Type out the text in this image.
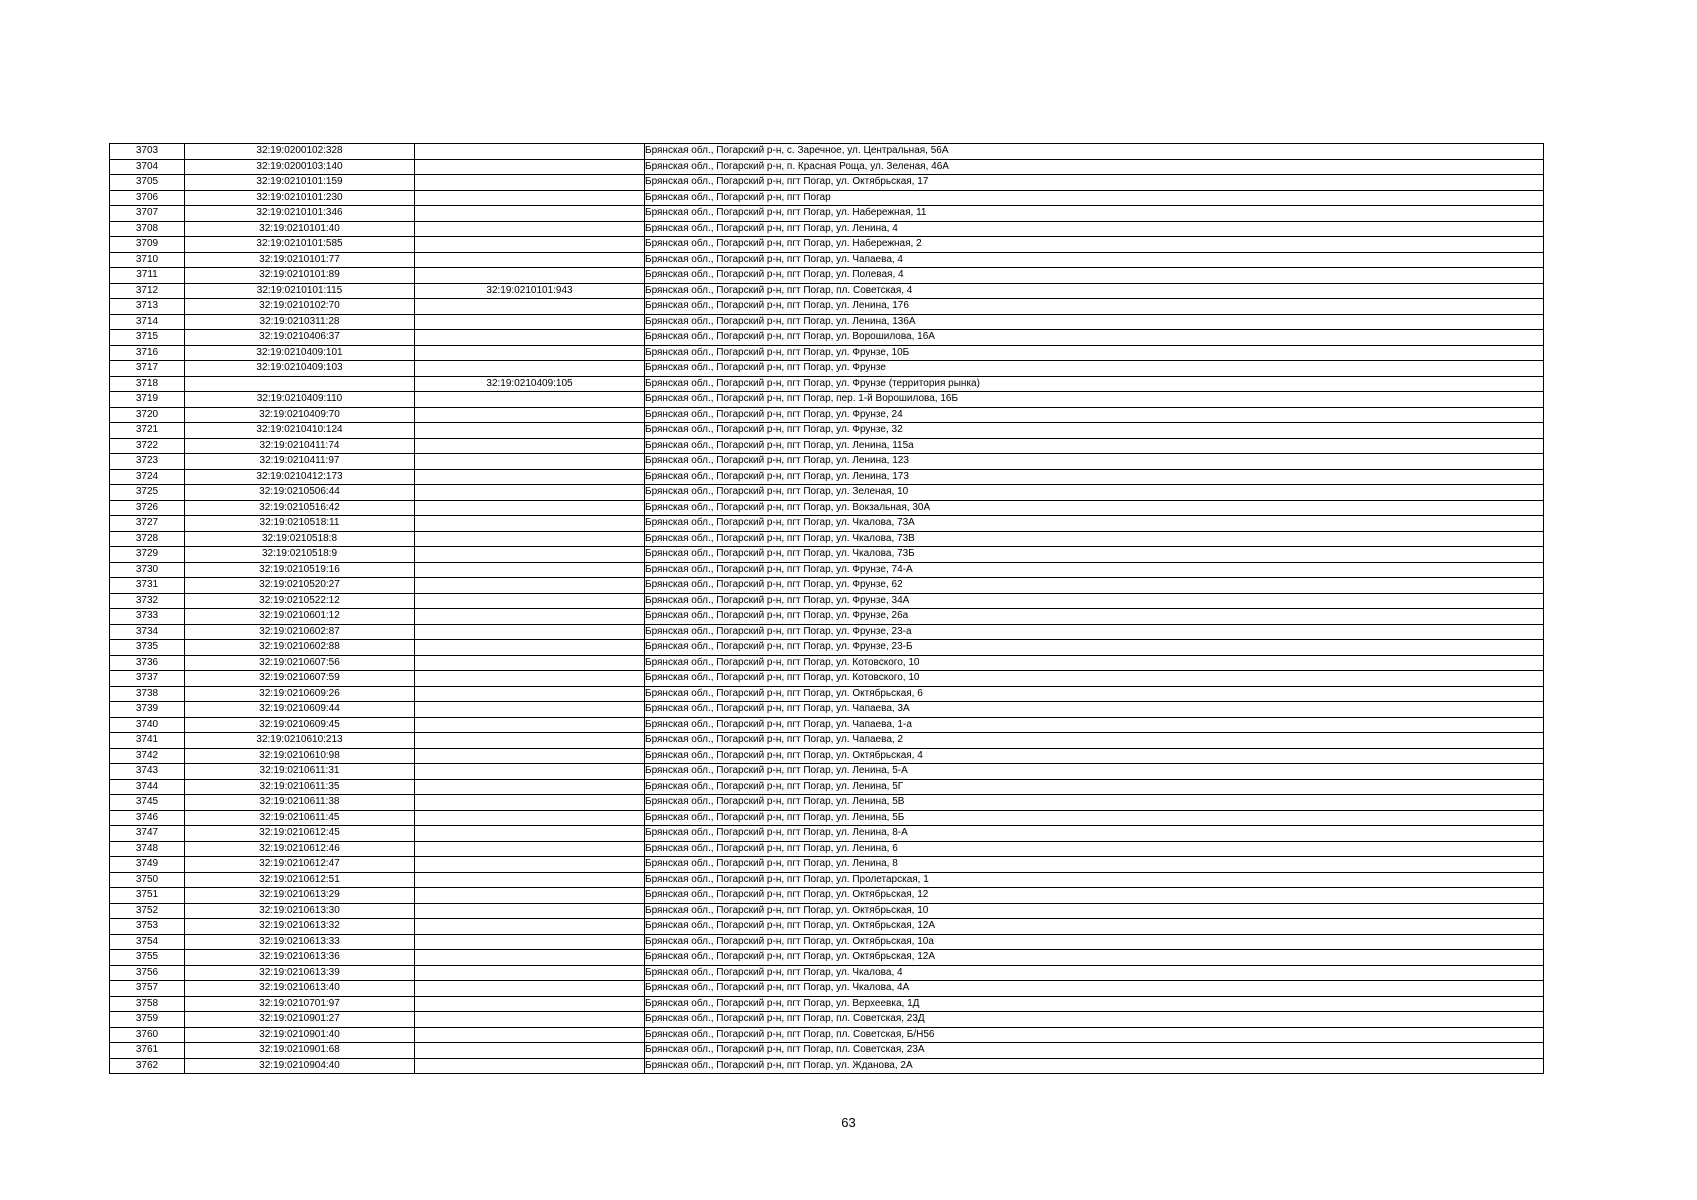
3703	32:19:0200102:328		Брянская обл., Погарский р-н, с. Заречное, ул. Центральная, 56А
3704	32:19:0200103:140		Брянская обл., Погарский р-н, п. Красная Роща, ул. Зеленая, 46А
3705	32:19:0210101:159		Брянская обл., Погарский р-н, пгт Погар, ул. Октябрьская, 17
3706	32:19:0210101:230		Брянская обл., Погарский р-н, пгт Погар
3707	32:19:0210101:346		Брянская обл., Погарский р-н, пгт Погар, ул. Набережная, 11
3708	32:19:0210101:40		Брянская обл., Погарский р-н, пгт Погар, ул. Ленина, 4
3709	32:19:0210101:585		Брянская обл., Погарский р-н, пгт Погар, ул. Набережная, 2
3710	32:19:0210101:77		Брянская обл., Погарский р-н, пгт Погар, ул. Чапаева, 4
3711	32:19:0210101:89		Брянская обл., Погарский р-н, пгт Погар, ул. Полевая, 4
3712	32:19:0210101:115	32:19:0210101:943	Брянская обл., Погарский р-н, пгт Погар, пл. Советская, 4
3713	32:19:0210102:70		Брянская обл., Погарский р-н, пгт Погар, ул. Ленина, 176
3714	32:19:0210311:28		Брянская обл., Погарский р-н, пгт Погар, ул. Ленина, 136А
3715	32:19:0210406:37		Брянская обл., Погарский р-н, пгт Погар, ул. Ворошилова, 16А
3716	32:19:0210409:101		Брянская обл., Погарский р-н, пгт Погар, ул. Фрунзе, 10Б
3717	32:19:0210409:103		Брянская обл., Погарский р-н, пгт Погар, ул. Фрунзе
3718		32:19:0210409:105	Брянская обл., Погарский р-н, пгт Погар, ул. Фрунзе (территория рынка)
3719	32:19:0210409:110		Брянская обл., Погарский р-н, пгт Погар, пер. 1-й Ворошилова, 16Б
3720	32:19:0210409:70		Брянская обл., Погарский р-н, пгт Погар, ул. Фрунзе, 24
3721	32:19:0210410:124		Брянская обл., Погарский р-н, пгт Погар, ул. Фрунзе, 32
3722	32:19:0210411:74		Брянская обл., Погарский р-н, пгт Погар, ул. Ленина, 115а
3723	32:19:0210411:97		Брянская обл., Погарский р-н, пгт Погар, ул. Ленина, 123
3724	32:19:0210412:173		Брянская обл., Погарский р-н, пгт Погар, ул. Ленина, 173
3725	32:19:0210506:44		Брянская обл., Погарский р-н, пгт Погар, ул. Зеленая, 10
3726	32:19:0210516:42		Брянская обл., Погарский р-н, пгт Погар, ул. Вокзальная, 30А
3727	32:19:0210518:11		Брянская обл., Погарский р-н, пгт Погар, ул. Чкалова, 73А
3728	32:19:0210518:8		Брянская обл., Погарский р-н, пгт Погар, ул. Чкалова, 73В
3729	32:19:0210518:9		Брянская обл., Погарский р-н, пгт Погар, ул. Чкалова, 73Б
3730	32:19:0210519:16		Брянская обл., Погарский р-н, пгт Погар, ул. Фрунзе, 74-А
3731	32:19:0210520:27		Брянская обл., Погарский р-н, пгт Погар, ул. Фрунзе, 62
3732	32:19:0210522:12		Брянская обл., Погарский р-н, пгт Погар, ул. Фрунзе, 34А
3733	32:19:0210601:12		Брянская обл., Погарский р-н, пгт Погар, ул. Фрунзе, 26а
3734	32:19:0210602:87		Брянская обл., Погарский р-н, пгт Погар, ул. Фрунзе, 23-а
3735	32:19:0210602:88		Брянская обл., Погарский р-н, пгт Погар, ул. Фрунзе, 23-Б
3736	32:19:0210607:56		Брянская обл., Погарский р-н, пгт Погар, ул. Котовского, 10
3737	32:19:0210607:59		Брянская обл., Погарский р-н, пгт Погар, ул. Котовского, 10
3738	32:19:0210609:26		Брянская обл., Погарский р-н, пгт Погар, ул. Октябрьская, 6
3739	32:19:0210609:44		Брянская обл., Погарский р-н, пгт Погар, ул. Чапаева, 3А
3740	32:19:0210609:45		Брянская обл., Погарский р-н, пгт Погар, ул. Чапаева, 1-а
3741	32:19:0210610:213		Брянская обл., Погарский р-н, пгт Погар, ул. Чапаева, 2
3742	32:19:0210610:98		Брянская обл., Погарский р-н, пгт Погар, ул. Октябрьская, 4
3743	32:19:0210611:31		Брянская обл., Погарский р-н, пгт Погар, ул. Ленина, 5-А
3744	32:19:0210611:35		Брянская обл., Погарский р-н, пгт Погар, ул. Ленина, 5Г
3745	32:19:0210611:38		Брянская обл., Погарский р-н, пгт Погар, ул. Ленина, 5В
3746	32:19:0210611:45		Брянская обл., Погарский р-н, пгт Погар, ул. Ленина, 5Б
3747	32:19:0210612:45		Брянская обл., Погарский р-н, пгт Погар, ул. Ленина, 8-А
3748	32:19:0210612:46		Брянская обл., Погарский р-н, пгт Погар, ул. Ленина, 6
3749	32:19:0210612:47		Брянская обл., Погарский р-н, пгт Погар, ул. Ленина, 8
3750	32:19:0210612:51		Брянская обл., Погарский р-н, пгт Погар, ул. Пролетарская, 1
3751	32:19:0210613:29		Брянская обл., Погарский р-н, пгт Погар, ул. Октябрьская, 12
3752	32:19:0210613:30		Брянская обл., Погарский р-н, пгт Погар, ул. Октябрьская, 10
3753	32:19:0210613:32		Брянская обл., Погарский р-н, пгт Погар, ул. Октябрьская, 12А
3754	32:19:0210613:33		Брянская обл., Погарский р-н, пгт Погар, ул. Октябрьская, 10а
3755	32:19:0210613:36		Брянская обл., Погарский р-н, пгт Погар, ул. Октябрьская, 12А
3756	32:19:0210613:39		Брянская обл., Погарский р-н, пгт Погар, ул. Чкалова, 4
3757	32:19:0210613:40		Брянская обл., Погарский р-н, пгт Погар, ул. Чкалова, 4А
3758	32:19:0210701:97		Брянская обл., Погарский р-н, пгт Погар, ул. Верхеевка, 1Д
3759	32:19:0210901:27		Брянская обл., Погарский р-н, пгт Погар, пл. Советская, 23Д
3760	32:19:0210901:40		Брянская обл., Погарский р-н, пгт Погар, пл. Советская, Б/Н56
3761	32:19:0210901:68		Брянская обл., Погарский р-н, пгт Погар, пл. Советская, 23А
3762	32:19:0210904:40		Брянская обл., Погарский р-н, пгт Погар, ул. Жданова, 2А
63
